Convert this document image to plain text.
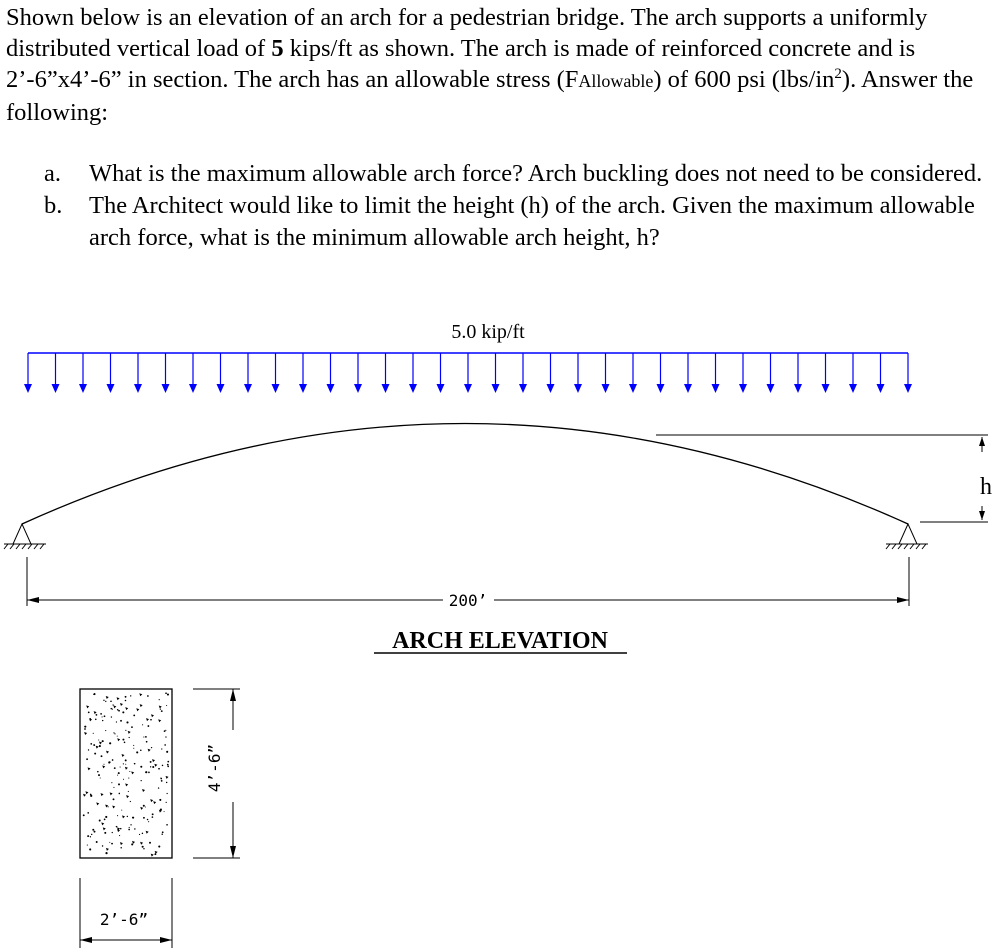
Shown below is an elevation of an arch for a pedestrian bridge. The arch supports a uniformly distributed vertical load of 5 kips/ft as shown. The arch is made of reinforced concrete and is 2’-6”x4’-6” in section. The arch has an allowable stress (FAllowable) of 600 psi $(lbs/in^2)$. Answer the following:

a. What is the maximum allowable arch force? Arch buckling does not need to be considered.
b. The Architect would like to limit the height (h) of the arch. Given the maximum allowable arch force, what is the minimum allowable arch height, h?
5.0 kip/ft
h
200’
ARCH ELEVATION
4’-6”
2’-6”
